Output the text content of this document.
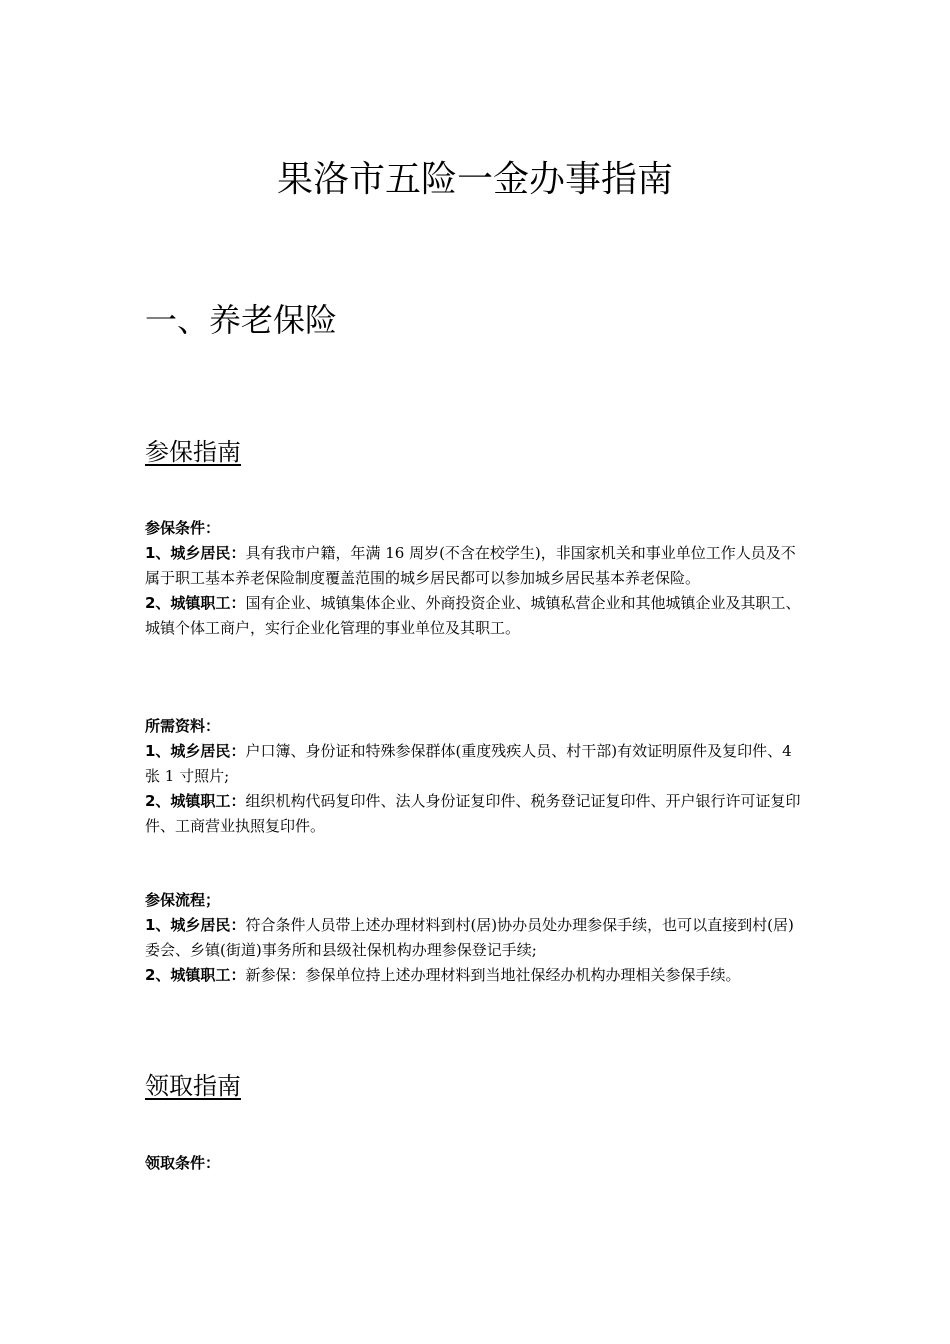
果洛市五险一金办事指南
一、养老保险
参保指南
参保条件：

1、城乡居民：具有我市户籍，年满 16 周岁(不含在校学生)，非国家机关和事业单位工作人员及不属于职工基本养老保险制度覆盖范围的城乡居民都可以参加城乡居民基本养老保险。

2、城镇职工：国有企业、城镇集体企业、外商投资企业、城镇私营企业和其他城镇企业及其职工、城镇个体工商户，实行企业化管理的事业单位及其职工。

所需资料：

1、城乡居民：户口簿、身份证和特殊参保群体(重度残疾人员、村干部)有效证明原件及复印件、4 张 1 寸照片;

2、城镇职工：组织机构代码复印件、法人身份证复印件、税务登记证复印件、开户银行许可证复印件、工商营业执照复印件。

参保流程；

1、城乡居民：符合条件人员带上述办理材料到村(居)协办员处办理参保手续，也可以直接到村(居)委会、乡镇(街道)事务所和县级社保机构办理参保登记手续;

2、城镇职工：新参保：参保单位持上述办理材料到当地社保经办机构办理相关参保手续。

领取指南
领取条件：
